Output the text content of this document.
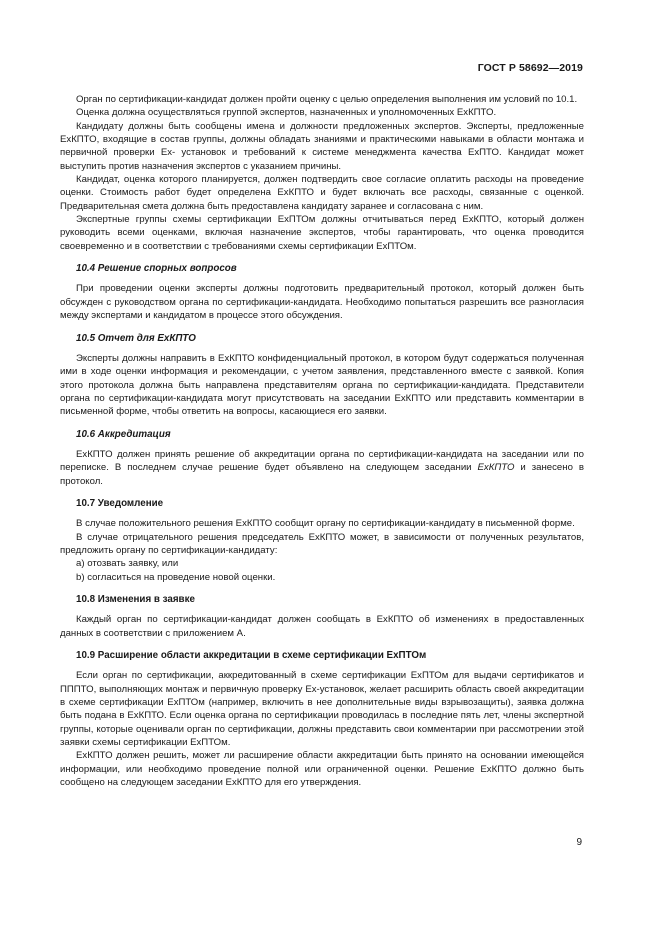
ГОСТ Р 58692—2019

Орган по сертификации-кандидат должен пройти оценку с целью определения выполнения им условий по 10.1.

Оценка должна осуществляться группой экспертов, назначенных и уполномоченных ExКПТО.

Кандидату должны быть сообщены имена и должности предложенных экспертов. Эксперты, предложенные ExКПТО, входящие в состав группы, должны обладать знаниями и практическими навыками в области монтажа и первичной проверки Ex- установок и требований к системе менеджмента качества ExПТО. Кандидат может выступить против назначения экспертов с указанием причины.

Кандидат, оценка которого планируется, должен подтвердить свое согласие оплатить расходы на проведение оценки. Стоимость работ будет определена ExКПТО и будет включать все расходы, связанные с оценкой. Предварительная смета должна быть предоставлена кандидату заранее и согласована с ним.

Экспертные группы схемы сертификации ExПТОм должны отчитываться перед ExКПТО, который должен руководить всеми оценками, включая назначение экспертов, чтобы гарантировать, что оценка проводится своевременно и в соответствии с требованиями схемы сертификации ExПТОм.

10.4 Решение спорных вопросов

При проведении оценки эксперты должны подготовить предварительный протокол, который должен быть обсужден с руководством органа по сертификации-кандидата. Необходимо попытаться разрешить все разногласия между экспертами и кандидатом в процессе этого обсуждения.

10.5 Отчет для ExКПТО

Эксперты должны направить в ExКПТО конфиденциальный протокол, в котором будут содержаться полученная ими в ходе оценки информация и рекомендации, с учетом заявления, представленного вместе с заявкой. Копия этого протокола должна быть направлена представителям органа по сертификации-кандидата. Представители органа по сертификации-кандидата могут присутствовать на заседании ExКПТО или представить комментарии в письменной форме, чтобы ответить на вопросы, касающиеся его заявки.

10.6 Аккредитация

ExКПТО должен принять решение об аккредитации органа по сертификации-кандидата на заседании или по переписке. В последнем случае решение будет объявлено на следующем заседании ExКПТО и занесено в протокол.

10.7 Уведомление

В случае положительного решения ExКПТО сообщит органу по сертификации-кандидату в письменной форме.

В случае отрицательного решения председатель ExКПТО может, в зависимости от полученных результатов, предложить органу по сертификации-кандидату:

a) отозвать заявку, или
b) согласиться на проведение новой оценки.
10.8 Изменения в заявке

Каждый орган по сертификации-кандидат должен сообщать в ExКПТО об изменениях в предоставленных данных в соответствии с приложением А.

10.9 Расширение области аккредитации в схеме сертификации ExПТОм

Если орган по сертификации, аккредитованный в схеме сертификации ExПТОм для выдачи сертификатов и ПППТО, выполняющих монтаж и первичную проверку Ex-установок, желает расширить область своей аккредитации в схеме сертификации ExПТОм (например, включить в нее дополнительные виды взрывозащиты), заявка должна быть подана в ExКПТО. Если оценка органа по сертификации проводилась в последние пять лет, члены экспертной группы, которые оценивали орган по сертификации, должны представить свои комментарии при рассмотрении этой заявки схемы сертификации ExПТОм.

ExКПТО должен решить, может ли расширение области аккредитации быть принято на основании имеющейся информации, или необходимо проведение полной или ограниченной оценки. Решение ExКПТО должно быть сообщено на следующем заседании ExКПТО для его утверждения.

9
